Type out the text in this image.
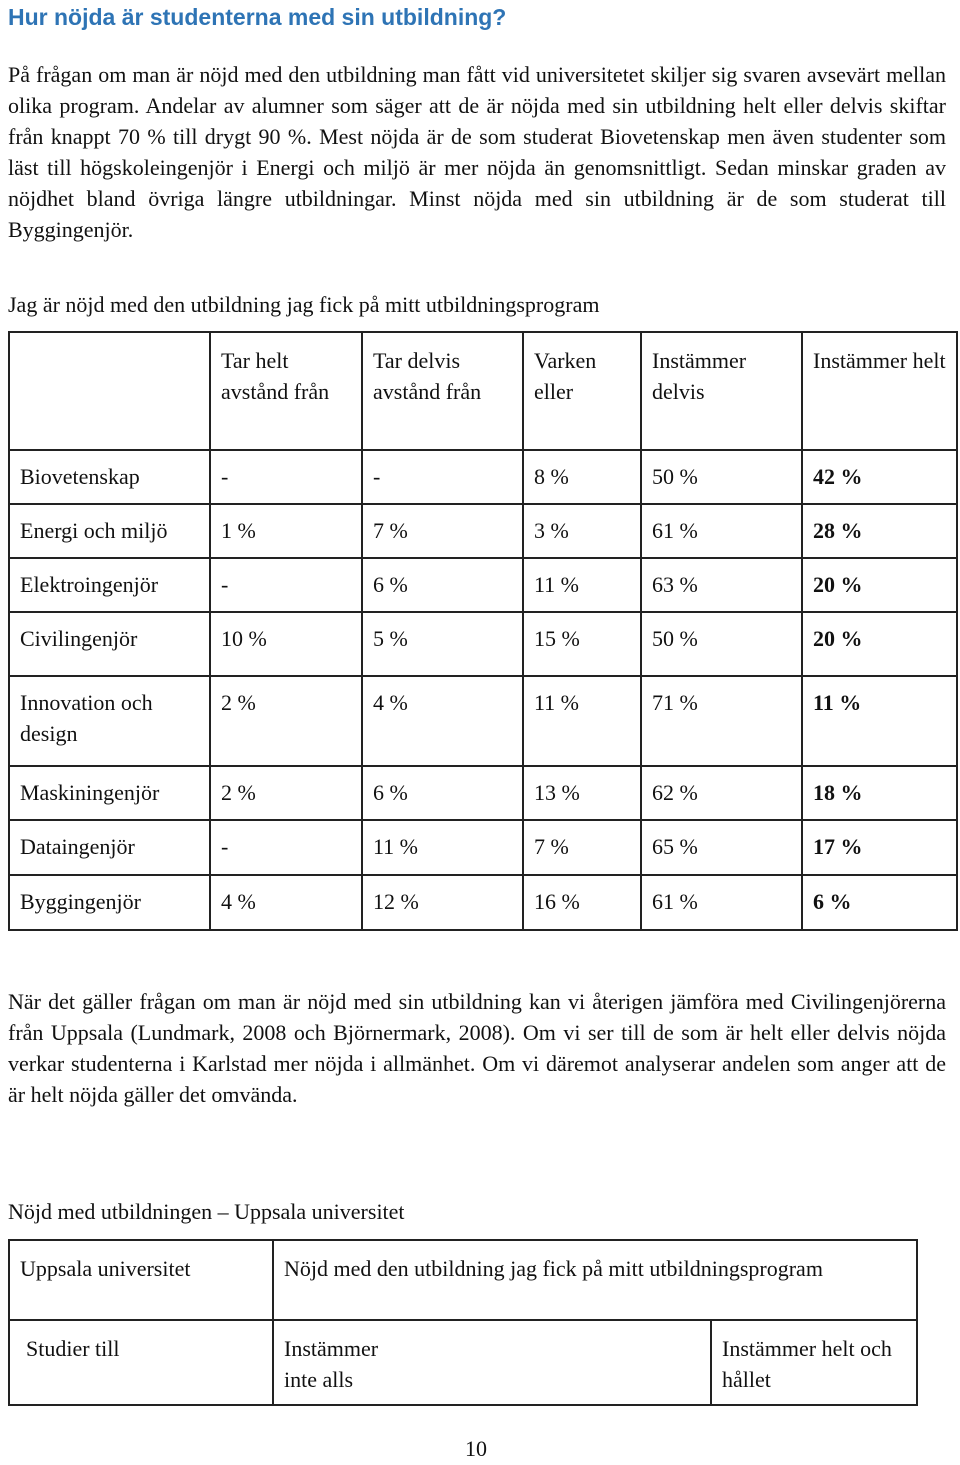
Hur nöjda är studenterna med sin utbildning?

På frågan om man är nöjd med den utbildning man fått vid universitetet skiljer sig svaren avsevärt mellan olika program. Andelar av alumner som säger att de är nöjda med sin utbildning helt eller delvis skiftar från knappt 70 % till drygt 90 %. Mest nöjda är de som studerat Biovetenskap men även studenter som läst till högskoleingenjör i Energi och miljö är mer nöjda än genomsnittligt. Sedan minskar graden av nöjdhet bland övriga längre utbildningar. Minst nöjda med sin utbildning är de som studerat till Byggingenjör.

Jag är nöjd med den utbildning jag fick på mitt utbildningsprogram

	Tar helt avstånd från	Tar delvis avstånd från	Varken eller	Instämmer delvis	Instämmer helt
Biovetenskap	-	-	8 %	50 %	42 %
Energi och miljö	1 %	7 %	3 %	61 %	28 %
Elektroingenjör	-	6 %	11 %	63 %	20 %
Civilingenjör	10 %	5 %	15 %	50 %	20 %
Innovation och design	2 %	4 %	11 %	71 %	11 %
Maskiningenjör	2 %	6 %	13 %	62 %	18 %
Dataingenjör	-	11 %	7 %	65 %	17 %
Byggingenjör	4 %	12 %	16 %	61 %	6 %

När det gäller frågan om man är nöjd med sin utbildning kan vi återigen jämföra med Civilingenjörerna från Uppsala (Lundmark, 2008 och Björnermark, 2008). Om vi ser till de som är helt eller delvis nöjda verkar studenterna i Karlstad mer nöjda i allmänhet. Om vi däremot analyserar andelen som anger att de är helt nöjda gäller det omvända.

Nöjd med utbildningen – Uppsala universitet

Uppsala universitet	Nöjd med den utbildning jag fick på mitt utbildningsprogram	
Studier till	Instämmer inte alls	Instämmer helt och hållet
10
